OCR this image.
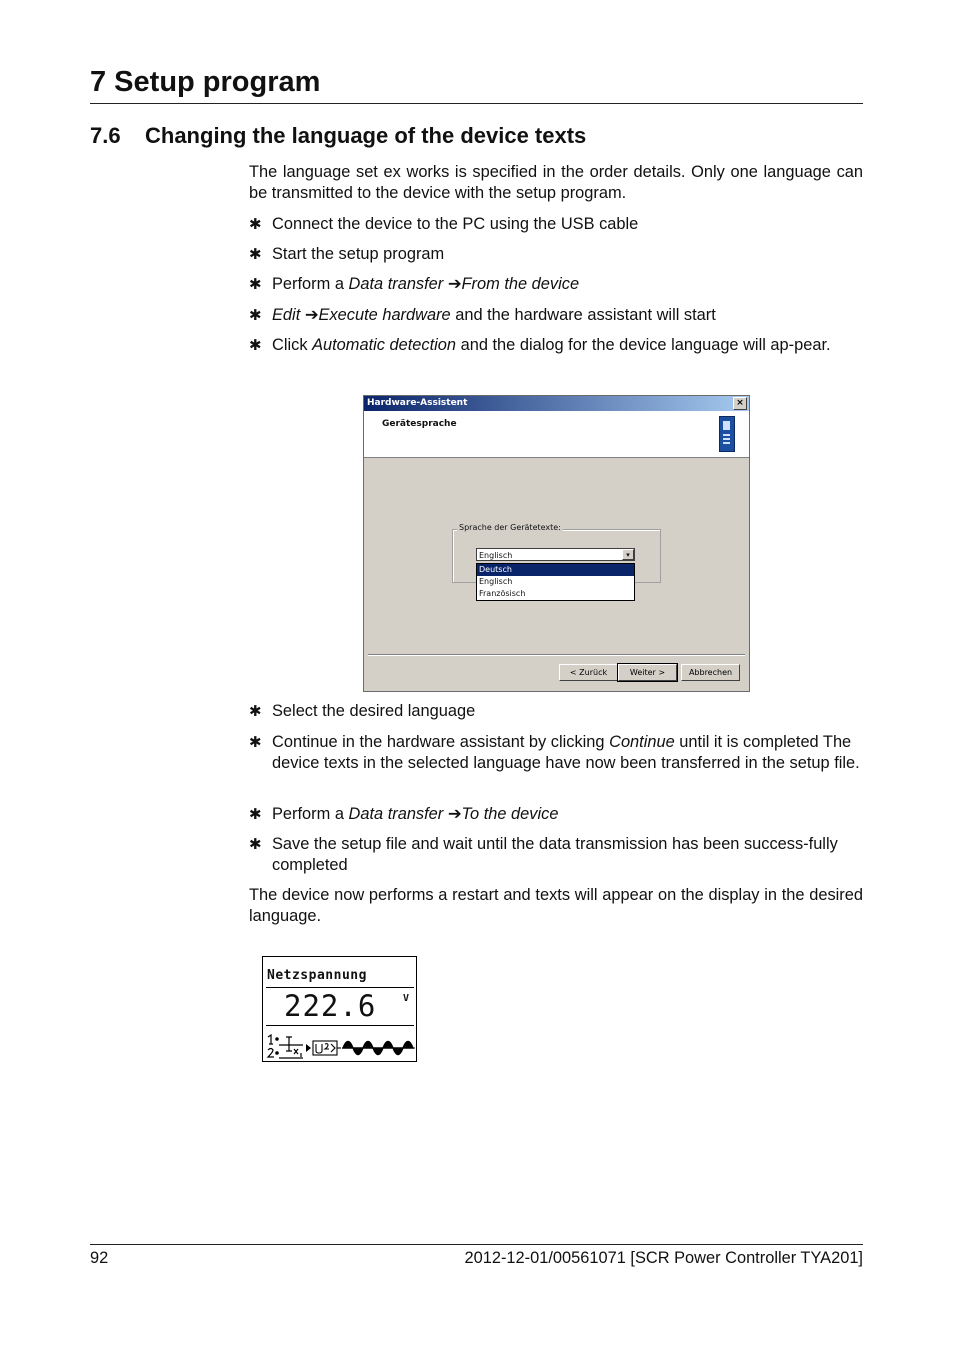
7 Setup program
7.6 Changing the language of the device texts

The language set ex works is specified in the order details. Only one language can be transmitted to the device with the setup program.

✱ Connect the device to the PC using the USB cable
✱ Start the setup program
✱ Perform a Data transfer ➔From the device
✱ Edit ➔Execute hardware and the hardware assistant will start
✱ Click Automatic detection and the dialog for the device language will ap-pear.
Hardware-Assistent	×
Gerätesprache
Sprache der Gerätetexte:
Englisch	▾
Deutsch
Englisch
Französisch
< Zurück	Weiter >	Abbrechen
✱ Select the desired language
✱ Continue in the hardware assistant by clicking Continue until it is completed The device texts in the selected language have now been transferred in the setup file.
✱ Perform a Data transfer ➔To the device
✱ Save the setup file and wait until the data transmission has been success-fully completed

The device now performs a restart and texts will appear on the display in the desired language.

Netzspannung
222.6	V
92	2012-12-01/00561071 [SCR Power Controller TYA201]
